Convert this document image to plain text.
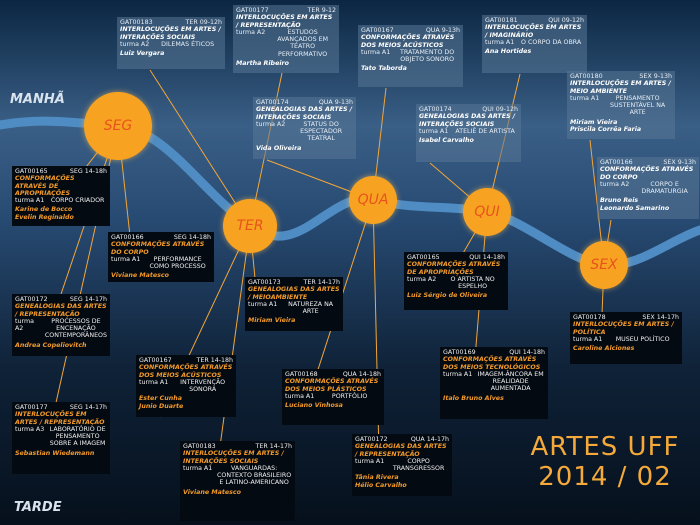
GAT00183	TER 09-12h
INTERLOCUÇÕES EM ARTES / INTERAÇÕES SOCIAIS
turma A2	DILEMAS ÉTICOS
Luiz Vergara
GAT00177	TER 9-12
INTERLOCUÇÕES EM ARTES / REPRESENTAÇÃO
turma A2	ESTUDOS AVANÇADOS EM TEATRO PERFORMATIVO
Martha Ribeiro
GAT00167	QUA 9-13h
CONFORMAÇÕES ATRAVÉS DOS MEIOS ACÚSTICOS
turma A1	TRATAMENTO DO OBJETO SONORO
Tato Taborda
GAT00181	QUI 09-12h
INTERLOCUÇÕES EM ARTES / IMAGINÁRIO
turma A1	O CORPO DA OBRA
Ana Hortides
GAT00174	QUA 9-13h
GENEALOGIAS DAS ARTES / INTERAÇÕES SOCIAIS
turma A2	STATUS DO ESPECTADOR TEATRAL
Vida Oliveira
GAT00174	QUI 09-12h
GENEALOGIAS DAS ARTES / INTERAÇÕES SOCIAIS
turma A1	ATELIÊ DE ARTISTA
Isabel Carvalho
GAT00180	SEX 9-13h
INTERLOCUÇÕES EM ARTES / MEIO AMBIENTE
turma A1	PENSAMENTO SUSTENTÁVEL NA ARTE
Miriam Vieira
Priscila Corrêa Faria
GAT00166	SEX 9-13h
CONFORMAÇÕES ATRAVÉS DO CORPO
turma A2	CORPO E DRAMATURGIA
Bruno Reis
Leonardo Samarino
GAT00165	SEG 14-18h
CONFORMAÇÕES ATRAVÉS DE APROPRIAÇÕES
turma A1	CORPO CRIADOR
Karine de Bocco
Evelin Reginaldo
GAT00166	SEG 14-18h
CONFORMAÇÕES ATRAVÉS DO CORPO
turma A1	PERFORMANCE COMO PROCESSO
Viviane Matesco
GAT00172	SEG 14-17h
GENEALOGIAS DAS ARTES / REPRESENTAÇÃO
turma A2
PROCESSOS DE ENCENAÇÃO CONTEMPORÂNEOS
Andrea Copeliovitch
GAT00177	SEG 14-17h
INTERLOCUÇÕES EM ARTES / REPRESENTAÇÃO
turma A3 LABORATÓRIO DE PENSAMENTO SOBRE A IMAGEM
Sebastian Wiedemann
GAT00173	TER 14-17h
GENEALOGIAS DAS ARTES / MEIOAMBIENTE
turma A1	NATUREZA NA ARTE
Miriam Vieira
GAT00167	TER 14-18h
CONFORMAÇÕES ATRAVÉS DOS MEIOS ACÚSTICOS
turma A1	INTERVENÇÃO SONORA
Ester Cunha
Junio Duarte
GAT00183	TER 14-17h
INTERLOCUÇÕES EM ARTES / INTERAÇÕES SOCIAIS
turma A1	VANGUARDAS: CONTEXTO BRASILEIRO E LATINO-AMERICANO
Viviane Matesco
GAT00168	QUA 14-18h
CONFORMAÇÕES ATRAVÉS DOS MEIOS PLÁSTICOS
turma A1	PORTFÓLIO
Luciano Vinhosa
GAT00172	QUA 14-17h
GENEALOGIAS DAS ARTES / REPRESENTAÇÃO
turma A1	CORPO TRANSGRESSOR
Tânia Rivera
Hélio Carvalho
GAT00165	QUI 14-18h
CONFORMAÇÕES ATRAVÉS DE APROPRIAÇÕES
turma A2	O ARTISTA NO ESPELHO
Luiz Sérgio de Oliveira
GAT00169	QUI 14-18h
CONFORMAÇÕES ATRAVÉS DOS MEIOS TECNOLÓGICOS
turma A1 IMAGEM-ÂNCORA EM REALIDADE AUMENTADA
Italo Bruno Alves
GAT00178	SEX 14-17h
INTERLOCUÇÕES EM ARTES / POLÍTICA
turma A1	MUSEU POLÍTICO
Caroline Alciones
SEG
TER
QUA
QUI
SEX
MANHÃ
TARDE
ARTES UFF
2014 / 02
